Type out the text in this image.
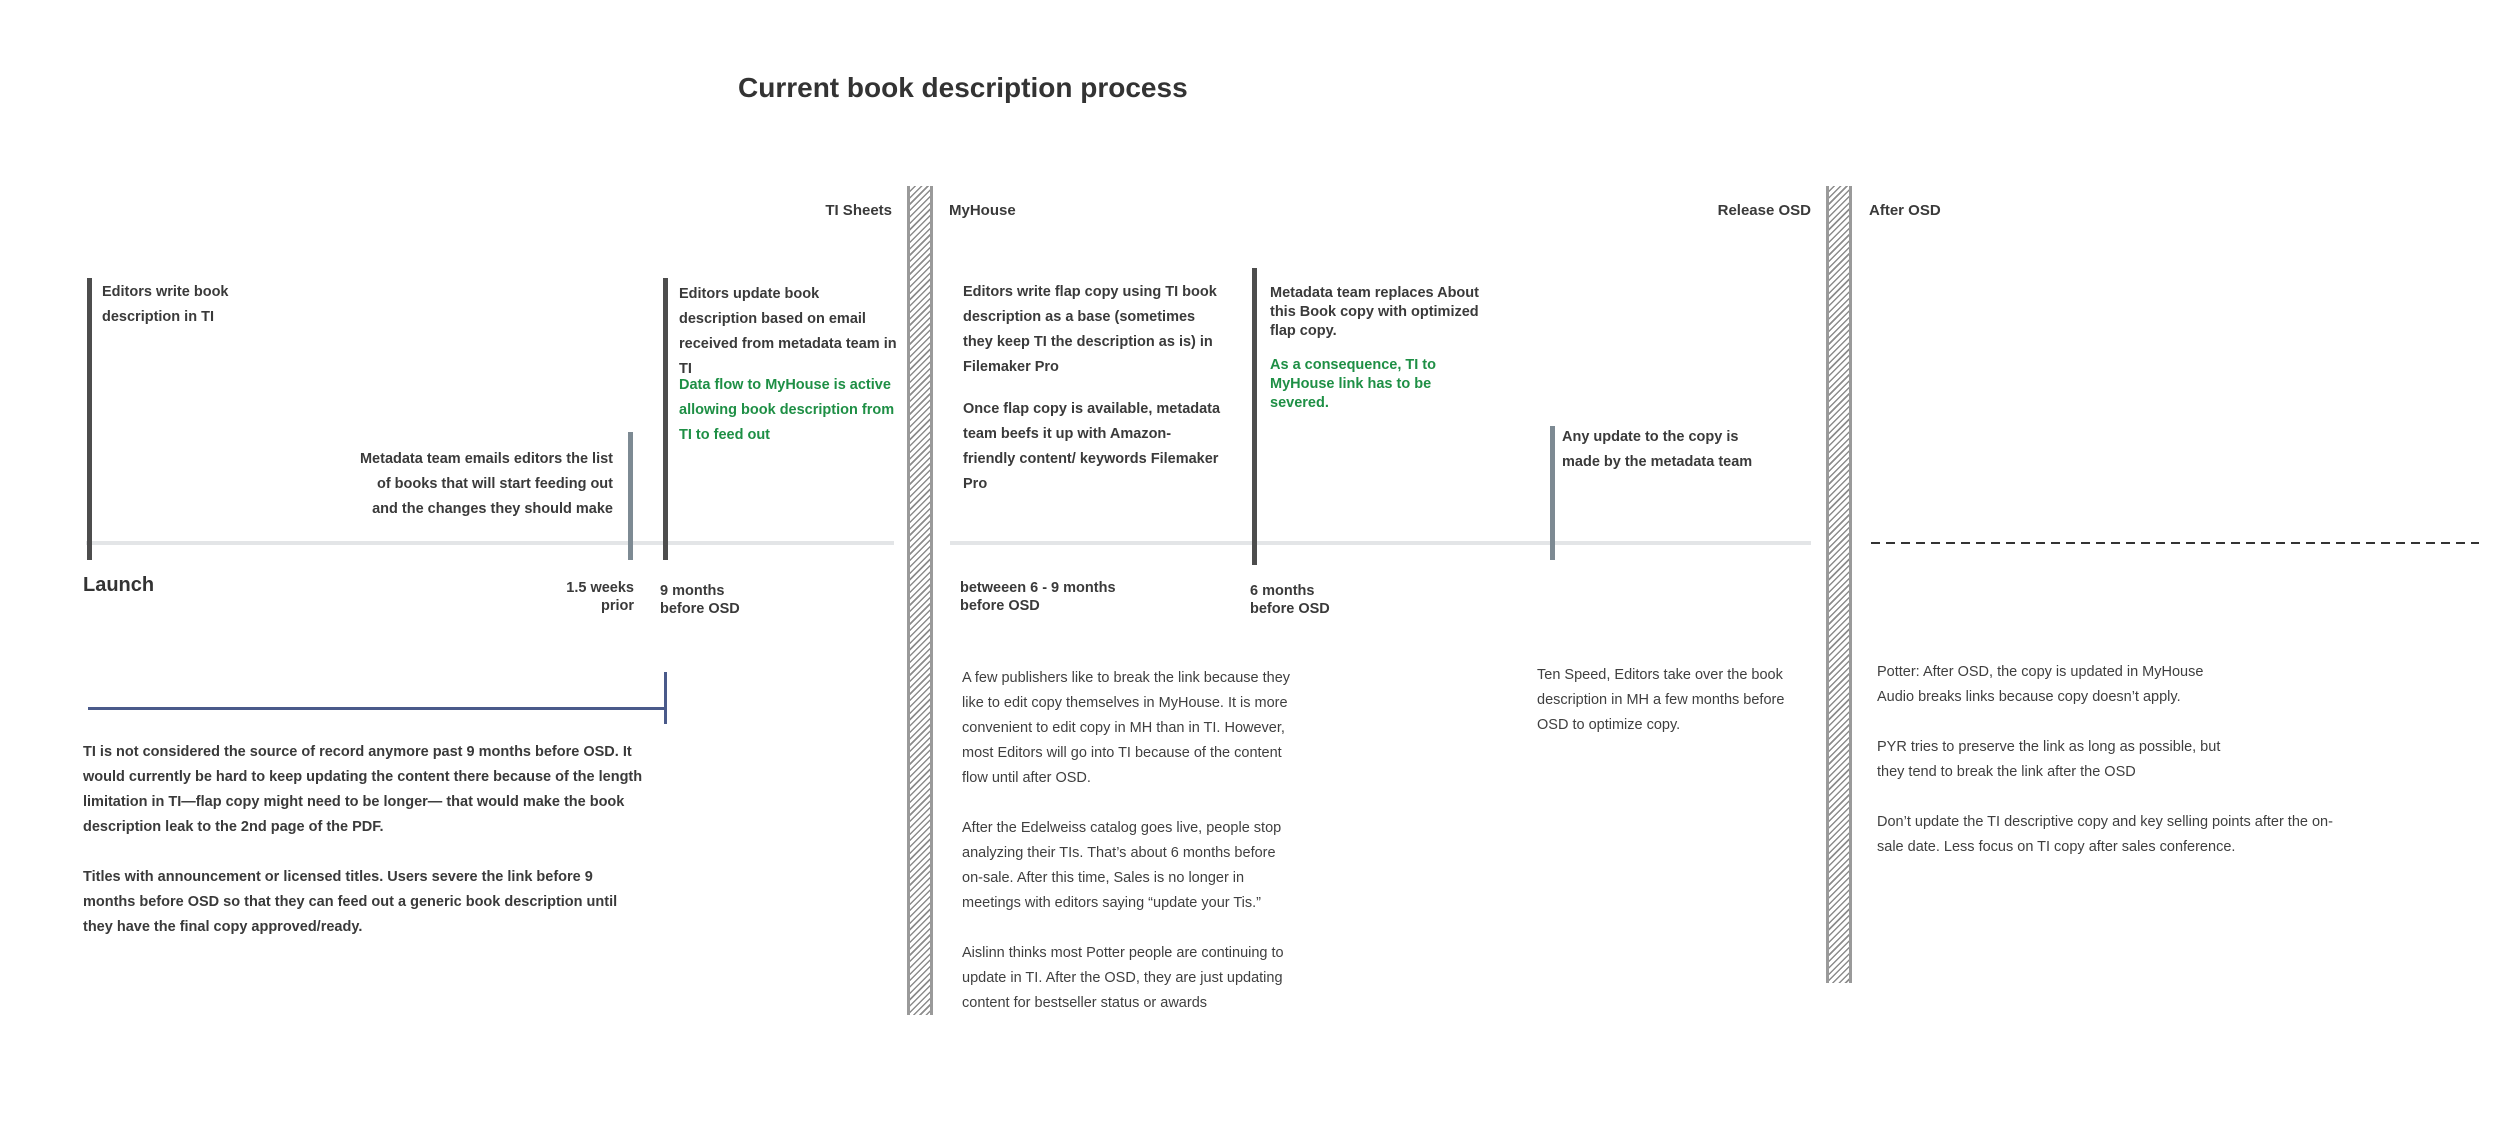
Current book description process
TI Sheets	MyHouse	Release OSD	After OSD
Editors write book description in TI
Metadata team emails editors the list of books that will start feeding out and the changes they should make
Editors update book description based on email received from metadata team in TI
Data flow to MyHouse is active allowing book description from TI to feed out
Editors write flap copy using TI book description as a base (sometimes they keep TI the description as is) in Filemaker Pro
Once flap copy is available, metadata team beefs it up with Amazon-friendly content/ keywords Filemaker Pro
Metadata team replaces About this Book copy with optimized flap copy.
As a consequence, TI to MyHouse link has to be severed.
Any update to the copy is made by the metadata team
Launch	1.5 weeks
prior
9 months
before OSD
betweeen 6 - 9 months
before OSD
6 months
before OSD

TI is not considered the source of record anymore past 9 months before OSD. It would currently be hard to keep updating the content there because of the length limitation in TI—flap copy might need to be longer— that would make the book description leak to the 2nd page of the PDF.

Titles with announcement or licensed titles. Users severe the link before 9 months before OSD so that they can feed out a generic book description until they have the final copy approved/ready.

A few publishers like to break the link because they like to edit copy themselves in MyHouse. It is more convenient to edit copy in MH than in TI. However, most Editors will go into TI because of the content flow until after OSD.

After the Edelweiss catalog goes live, people stop analyzing their TIs. That’s about 6 months before on-sale. After this time, Sales is no longer in meetings with editors saying “update your Tis.”

Aislinn thinks most Potter people are continuing to update in TI. After the OSD, they are just updating content for bestseller status or awards

Ten Speed, Editors take over the book description in MH a few months before OSD to optimize copy.

Potter: After OSD, the copy is updated in MyHouse Audio breaks links because copy doesn’t apply.

PYR tries to preserve the link as long as possible, but they tend to break the link after the OSD

Don’t update the TI descriptive copy and key selling points after the on-sale date. Less focus on TI copy after sales conference.
